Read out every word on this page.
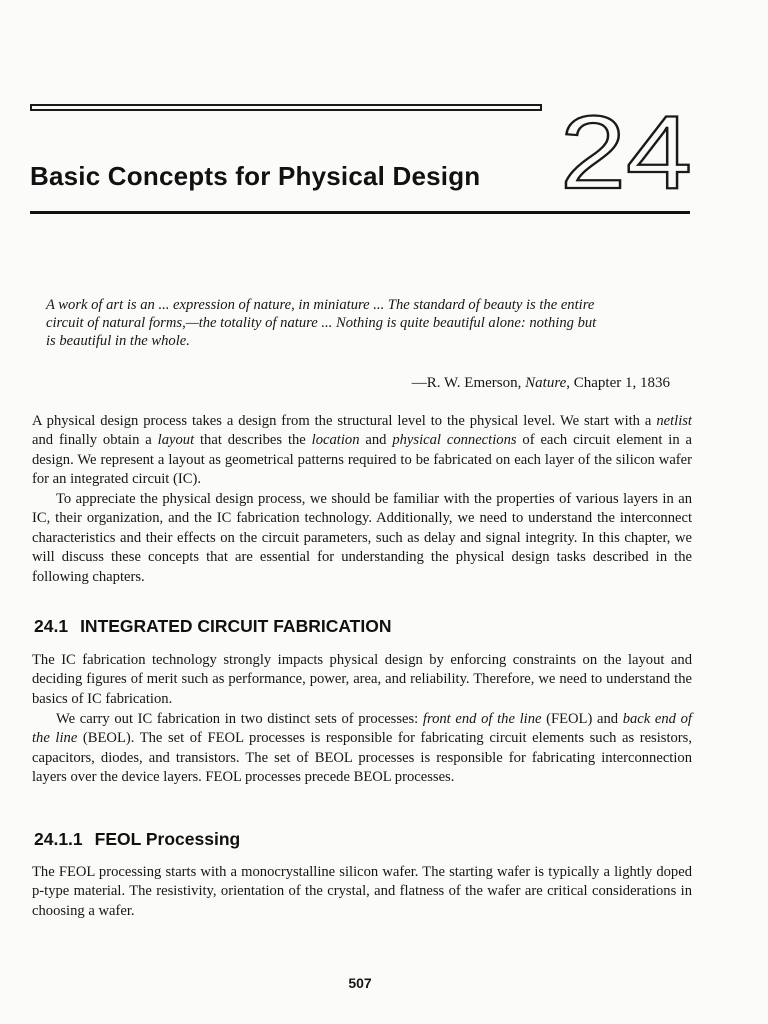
Basic Concepts for Physical Design 24

A work of art is an ... expression of nature, in miniature ... The standard of beauty is the entire
circuit of natural forms,—the totality of nature ... Nothing is quite beautiful alone: nothing but
is beautiful in the whole.

—R. W. Emerson, Nature, Chapter 1, 1836

A physical design process takes a design from the structural level to the physical level. We start with a netlist and finally obtain a layout that describes the location and physical connections of each circuit element in a design. We represent a layout as geometrical patterns required to be fabricated on each layer of the silicon wafer for an integrated circuit (IC).

To appreciate the physical design process, we should be familiar with the properties of various layers in an IC, their organization, and the IC fabrication technology. Additionally, we need to understand the interconnect characteristics and their effects on the circuit parameters, such as delay and signal integrity. In this chapter, we will discuss these concepts that are essential for understanding the physical design tasks described in the following chapters.

24.1 INTEGRATED CIRCUIT FABRICATION

The IC fabrication technology strongly impacts physical design by enforcing constraints on the layout and deciding figures of merit such as performance, power, area, and reliability. Therefore, we need to understand the basics of IC fabrication.

We carry out IC fabrication in two distinct sets of processes: front end of the line (FEOL) and back end of the line (BEOL). The set of FEOL processes is responsible for fabricating circuit elements such as resistors, capacitors, diodes, and transistors. The set of BEOL processes is responsible for fabricating interconnection layers over the device layers. FEOL processes precede BEOL processes.

24.1.1 FEOL Processing

The FEOL processing starts with a monocrystalline silicon wafer. The starting wafer is typically a lightly doped p-type material. The resistivity, orientation of the crystal, and flatness of the wafer are critical considerations in choosing a wafer.

507
